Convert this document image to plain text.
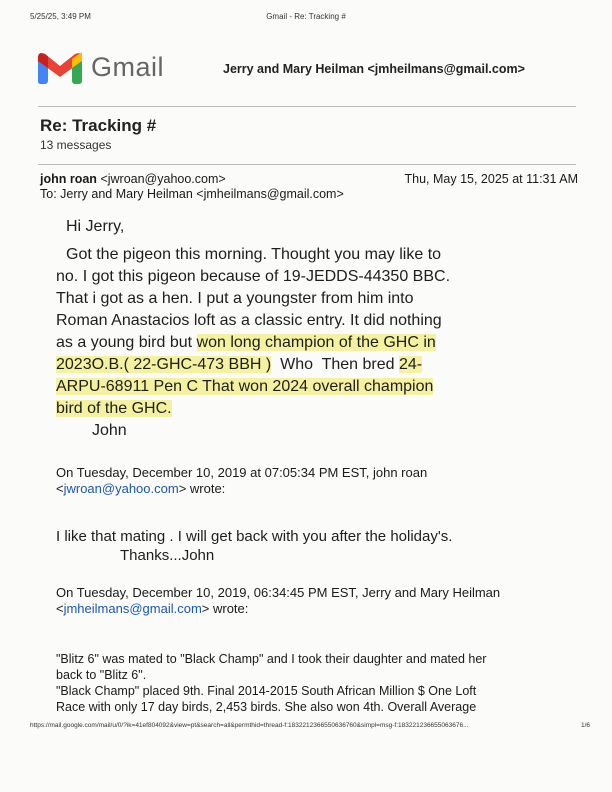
5/25/25, 3:49 PM	Gmail - Re: Tracking #
Gmail	Jerry and Mary Heilman <jmheilmans@gmail.com>
Re: Tracking #
13 messages
john roan <jwroan@yahoo.com>	Thu, May 15, 2025 at 11:31 AM
To: Jerry and Mary Heilman <jmheilmans@gmail.com>
Hi Jerry,
Got the pigeon this morning. Thought you may like to
no. I got this pigeon because of 19-JEDDS-44350 BBC.
That i got as a hen. I put a youngster from him into
Roman Anastacios loft as a classic entry. It did nothing
as a young bird but won long champion of the GHC in
2023O.B.( 22-GHC-473 BBH )  Who  Then bred 24-
ARPU-68911 Pen C That won 2024 overall champion
bird of the GHC.
John
On Tuesday, December 10, 2019 at 07:05:34 PM EST, john roan
<jwroan@yahoo.com> wrote:
I like that mating . I will get back with you after the holiday's.
Thanks...John
On Tuesday, December 10, 2019, 06:34:45 PM EST, Jerry and Mary Heilman
<jmheilmans@gmail.com> wrote:
"Blitz 6" was mated to "Black Champ" and I took their daughter and mated her
back to "Blitz 6".
"Black Champ" placed 9th. Final 2014-2015 South African Million $ One Loft
Race with only 17 day birds, 2,453 birds. She also won 4th. Overall Average
https://mail.google.com/mail/u/0/?ik=41ef804092&view=pt&search=all&permthid=thread-f:1832212366550636760&simpl=msg-f:183221236655063676...	1/6
